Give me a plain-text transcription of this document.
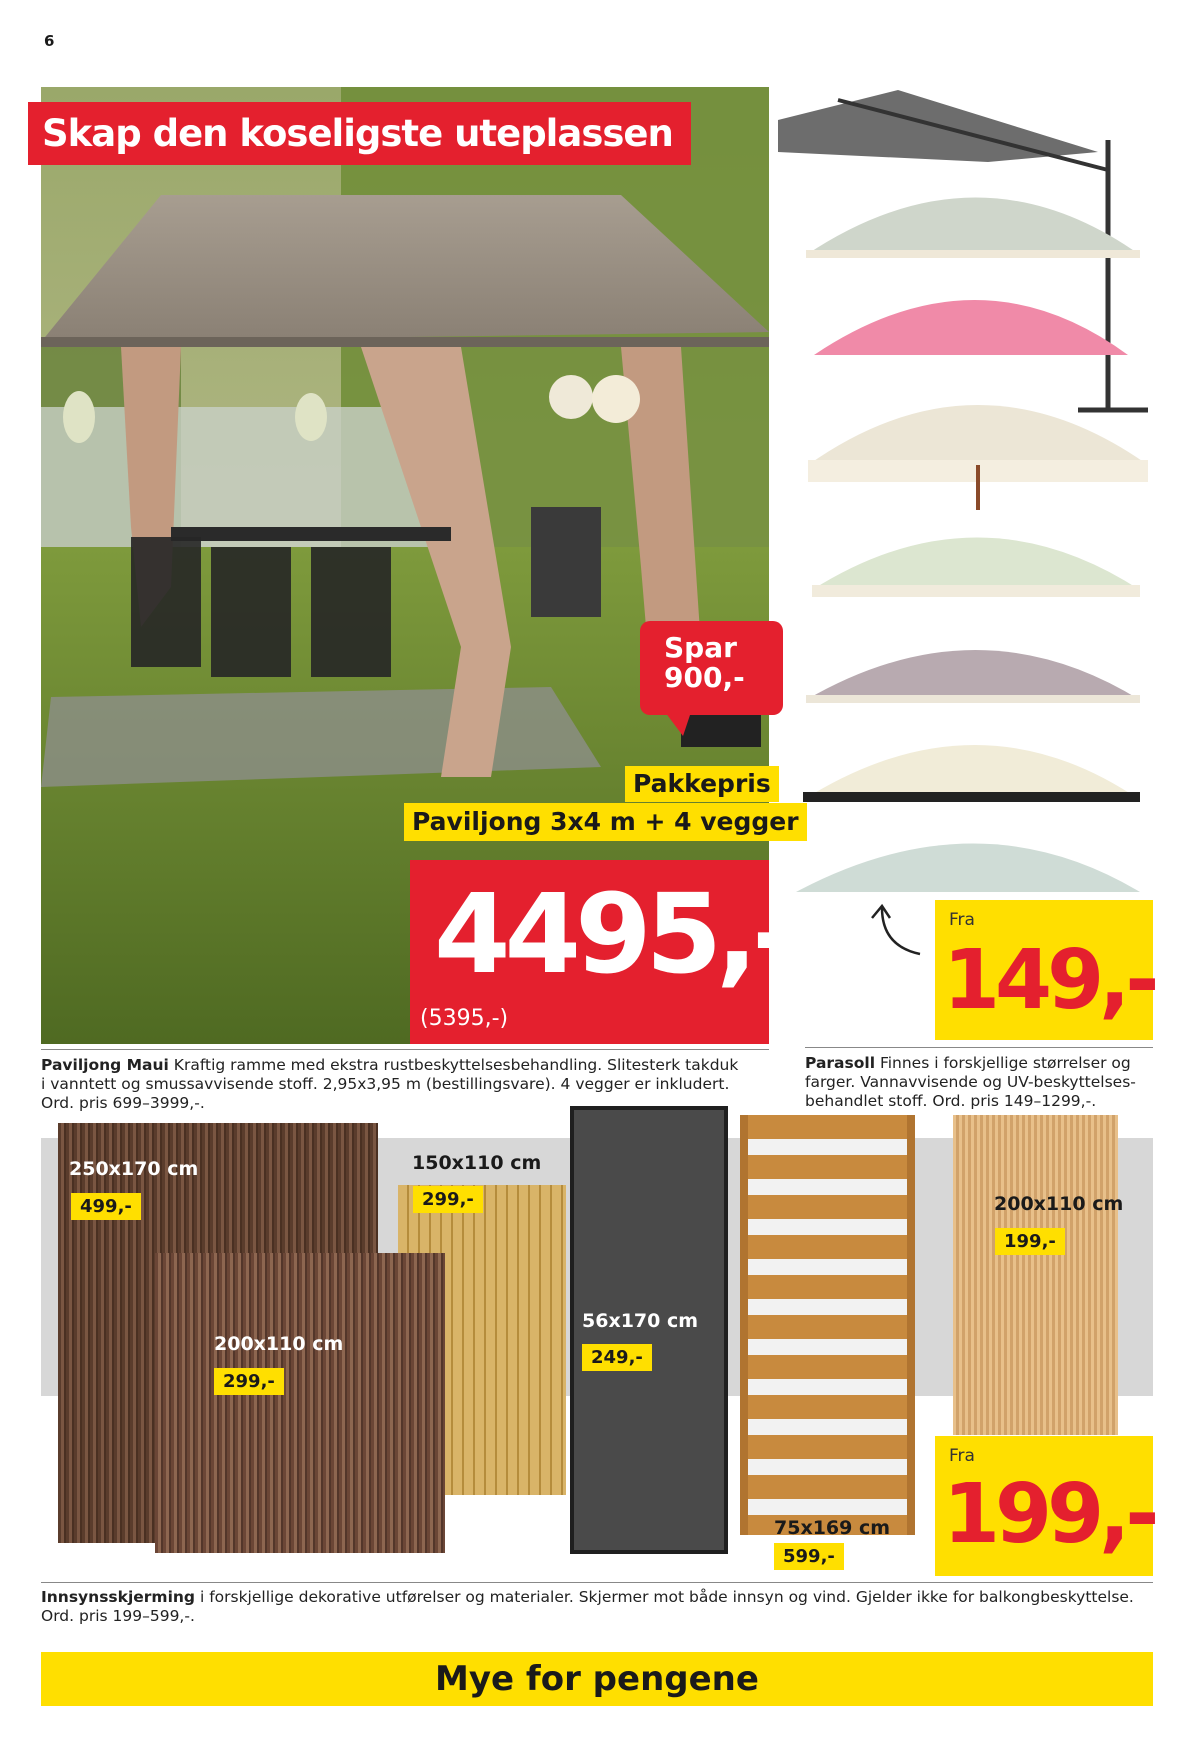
6
Skap den koseligste uteplassen
Spar
900,-
Pakkepris
Paviljong 3x4 m + 4 vegger
4495,-
(5395,-)
Paviljong Maui Kraftig ramme med ekstra rustbeskyttelsesbehandling. Slitesterk takduk i vanntett og smussavvisende stoff. 2,95x3,95 m (bestillingsvare). 4 vegger er inkludert. Ord. pris 699–3999,-.
Fra
149,-
Parasoll Finnes i forskjellige størrelser og farger. Vannavvisende og UV-beskyttelses-behandlet stoff. Ord. pris 149–1299,-.
250x170 cm
499,-
150x110 cm
299,-
200x110 cm
299,-
56x170 cm
249,-
75x169 cm
599,-
200x110 cm
199,-
Fra
199,-
Innsynsskjerming i forskjellige dekorative utførelser og materialer. Skjermer mot både innsyn og vind. Gjelder ikke for balkongbeskyttelse. Ord. pris 199–599,-.
Mye for pengene
